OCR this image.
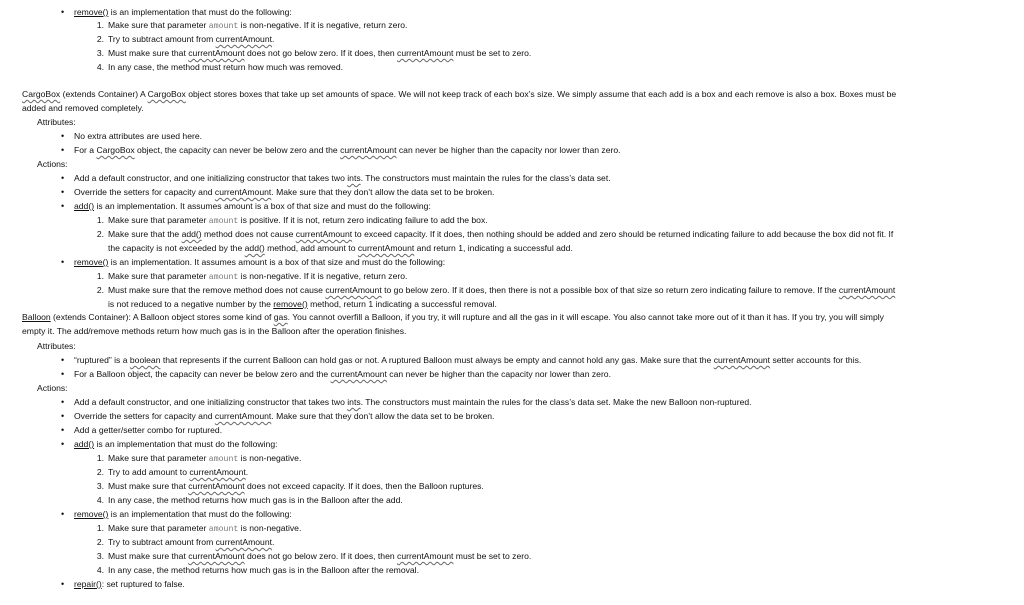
• remove() is an implementation that must do the following:
1. Make sure that parameter amount is non-negative. If it is negative, return zero.
2. Try to subtract amount from currentAmount.
3. Must make sure that currentAmount does not go below zero. If it does, then currentAmount must be set to zero.
4. In any case, the method must return how much was removed.
CargoBox (extends Container) A CargoBox object stores boxes that take up set amounts of space. We will not keep track of each box’s size. We simply assume that each add is a box and each remove is also a box. Boxes must be
added and removed completely.
Attributes:
• No extra attributes are used here.
• For a CargoBox object, the capacity can never be below zero and the currentAmount can never be higher than the capacity nor lower than zero.
Actions:
• Add a default constructor, and one initializing constructor that takes two ints. The constructors must maintain the rules for the class’s data set.
• Override the setters for capacity and currentAmount. Make sure that they don’t allow the data set to be broken.
• add() is an implementation. It assumes amount is a box of that size and must do the following:
1. Make sure that parameter amount is positive. If it is not, return zero indicating failure to add the box.
2. Make sure that the add() method does not cause currentAmount to exceed capacity. If it does, then nothing should be added and zero should be returned indicating failure to add because the box did not fit. If
the capacity is not exceeded by the add() method, add amount to currentAmount and return 1, indicating a successful add.
• remove() is an implementation. It assumes amount is a box of that size and must do the following:
1. Make sure that parameter amount is non-negative. If it is negative, return zero.
2. Must make sure that the remove method does not cause currentAmount to go below zero. If it does, then there is not a possible box of that size so return zero indicating failure to remove. If the currentAmount
is not reduced to a negative number by the remove() method, return 1 indicating a successful removal.
Balloon (extends Container): A Balloon object stores some kind of gas. You cannot overfill a Balloon, if you try, it will rupture and all the gas in it will escape. You also cannot take more out of it than it has. If you try, you will simply
empty it. The add/remove methods return how much gas is in the Balloon after the operation finishes.
Attributes:
• “ruptured” is a boolean that represents if the current Balloon can hold gas or not. A ruptured Balloon must always be empty and cannot hold any gas. Make sure that the currentAmount setter accounts for this.
• For a Balloon object, the capacity can never be below zero and the currentAmount can never be higher than the capacity nor lower than zero.
Actions:
• Add a default constructor, and one initializing constructor that takes two ints. The constructors must maintain the rules for the class’s data set. Make the new Balloon non-ruptured.
• Override the setters for capacity and currentAmount. Make sure that they don’t allow the data set to be broken.
• Add a getter/setter combo for ruptured.
• add() is an implementation that must do the following:
1. Make sure that parameter amount is non-negative.
2. Try to add amount to currentAmount.
3. Must make sure that currentAmount does not exceed capacity. If it does, then the Balloon ruptures.
4. In any case, the method returns how much gas is in the Balloon after the add.
• remove() is an implementation that must do the following:
1. Make sure that parameter amount is non-negative.
2. Try to subtract amount from currentAmount.
3. Must make sure that currentAmount does not go below zero. If it does, then currentAmount must be set to zero.
4. In any case, the method returns how much gas is in the Balloon after the removal.
• repair(): set ruptured to false.
